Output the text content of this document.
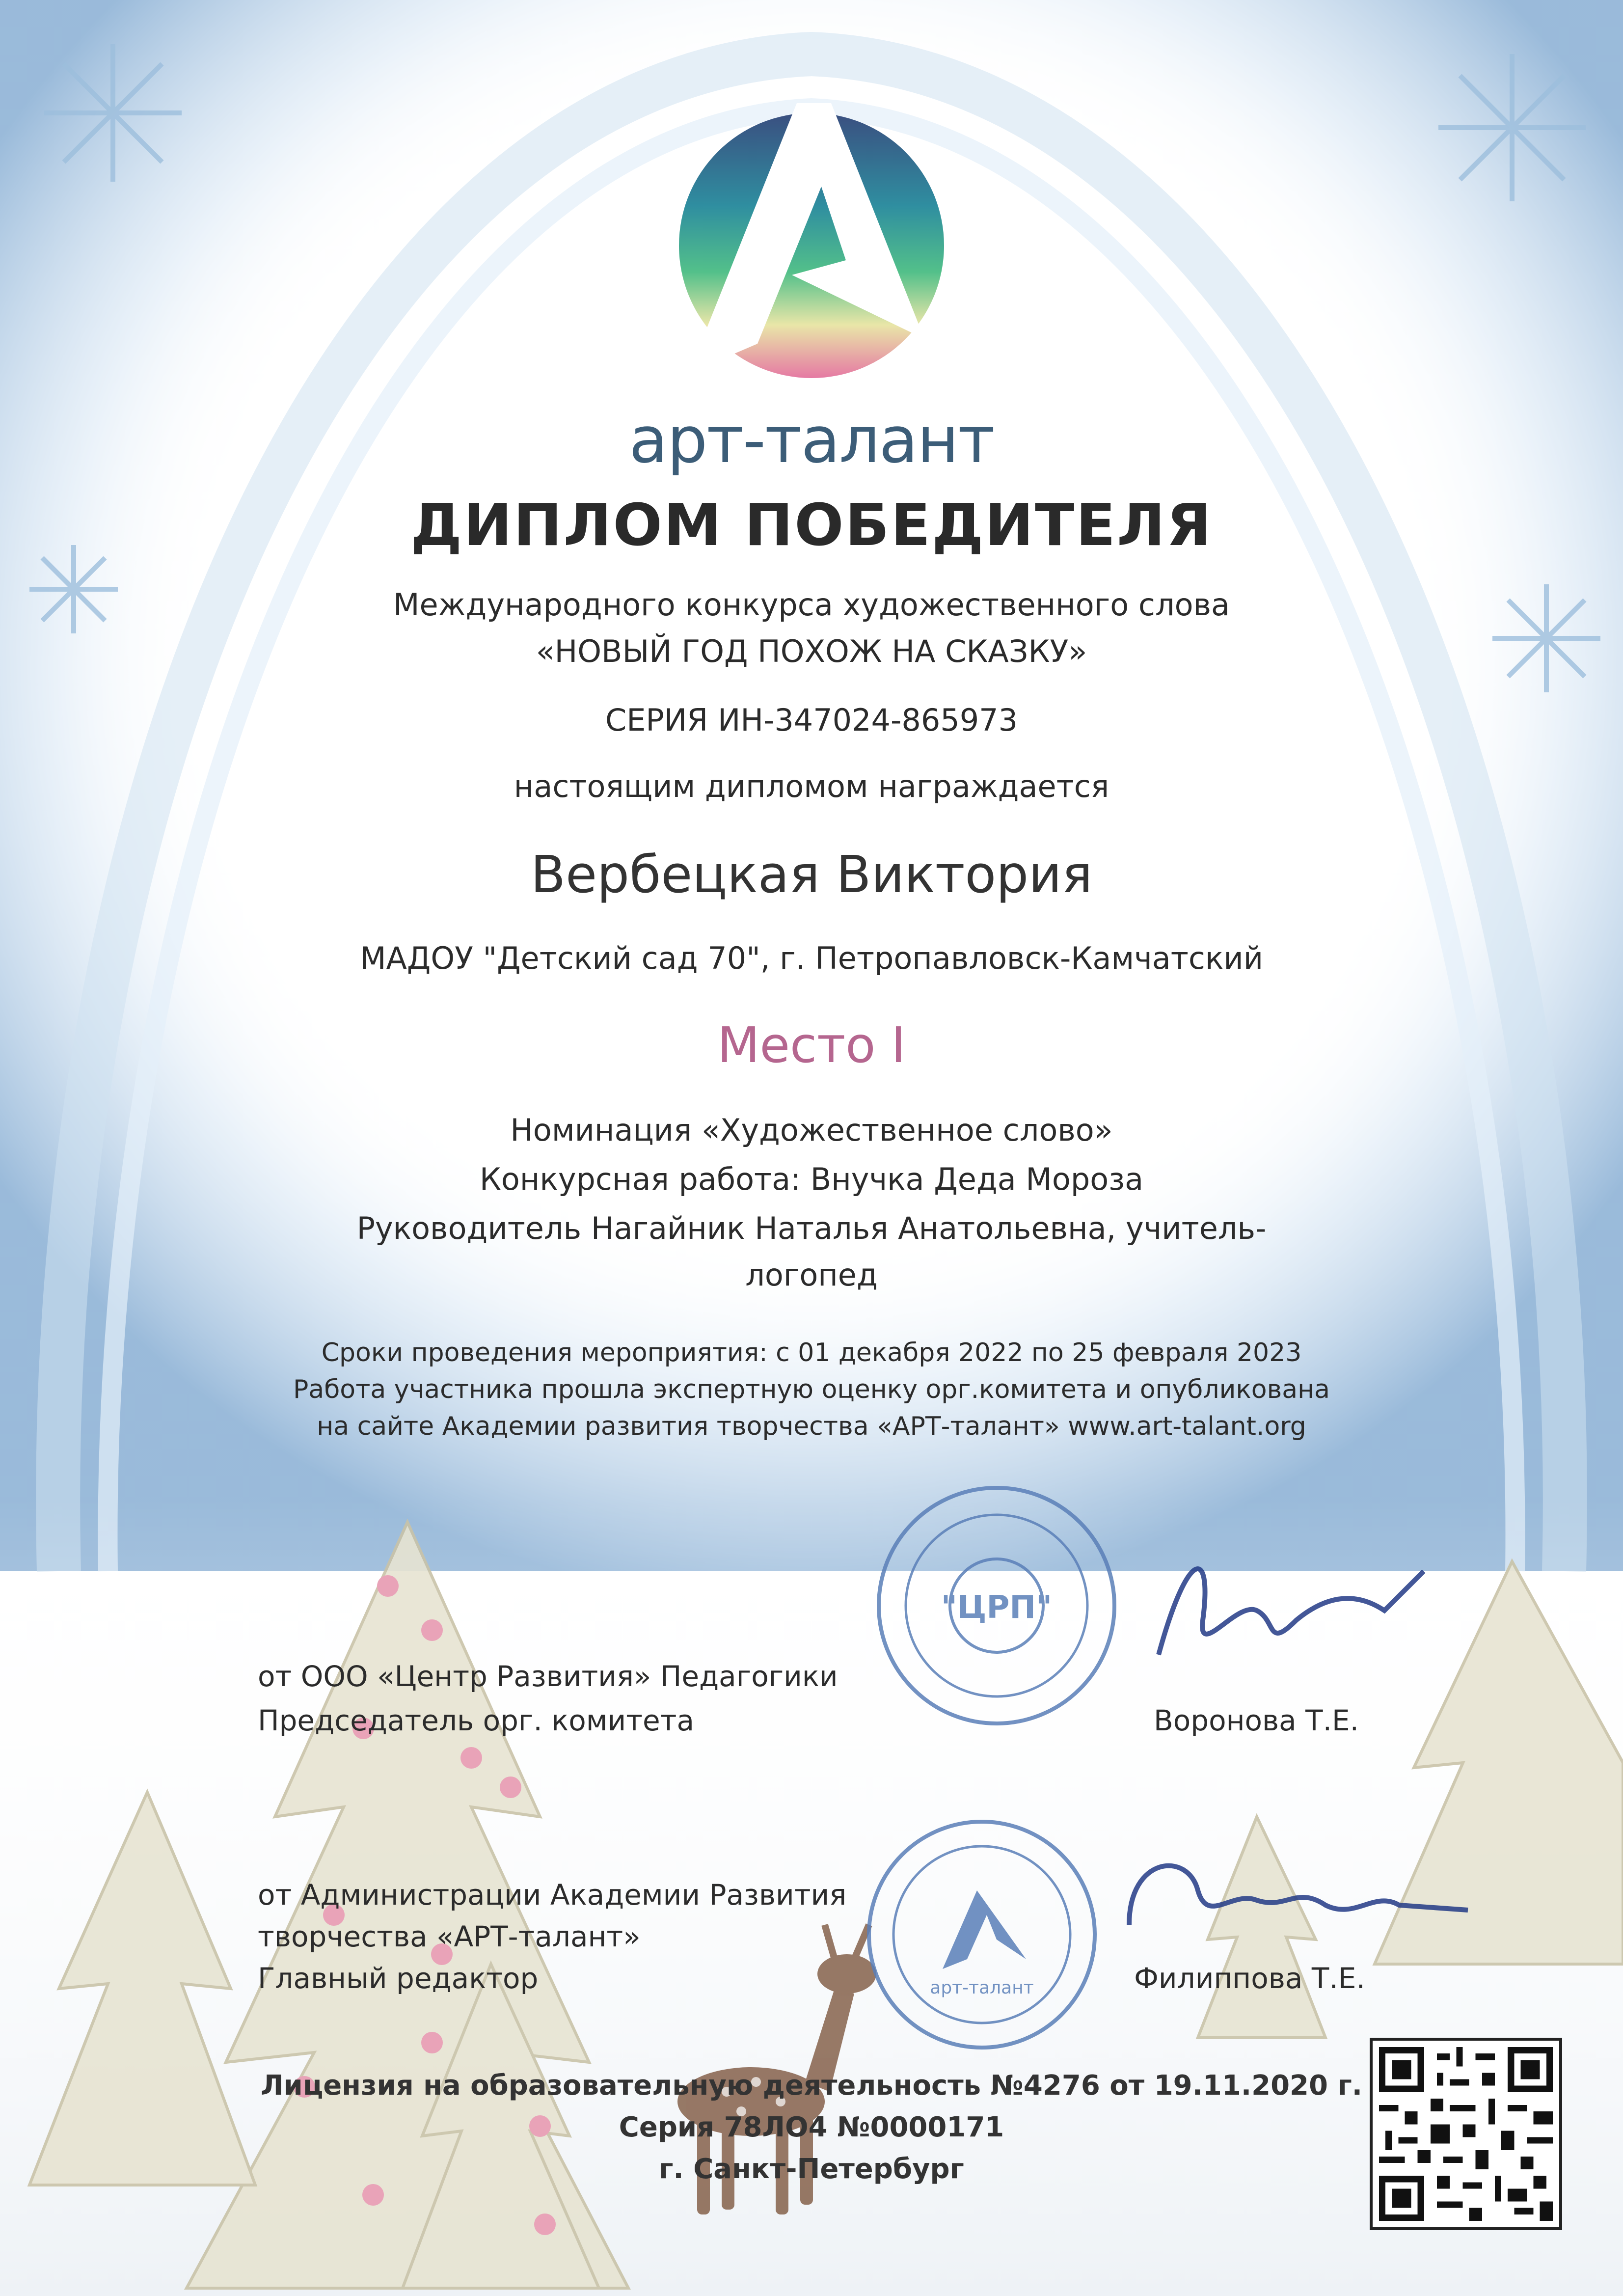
"ЦРП"
арт-талант
арт-талант
ДИПЛОМ ПОБЕДИТЕЛЯ
Международного конкурса художественного слова
«НОВЫЙ ГОД ПОХОЖ НА СКАЗКУ»
СЕРИЯ ИН-347024-865973
настоящим дипломом награждается
Вербецкая Виктория
МАДОУ "Детский сад 70", г. Петропавловск-Камчатский
Место I
Номинация «Художественное слово»
Конкурсная работа: Внучка Деда Мороза
Руководитель Нагайник Наталья Анатольевна, учитель-
логопед
Сроки проведения мероприятия: с 01 декабря 2022 по 25 февраля 2023
Работа участника прошла экспертную оценку орг.комитета и опубликована
на сайте Академии развития творчества «АРТ-талант» www.art-talant.org
от ООО «Центр Развития» Педагогики
Председатель орг. комитета	Воронова Т.Е.
от Администрации Академии Развития
творчества «АРТ-талант»
Главный редактор	Филиппова Т.Е.
Лицензия на образовательную деятельность №4276 от 19.11.2020 г.
Серия 78ЛО4 №0000171
г. Санкт-Петербург
